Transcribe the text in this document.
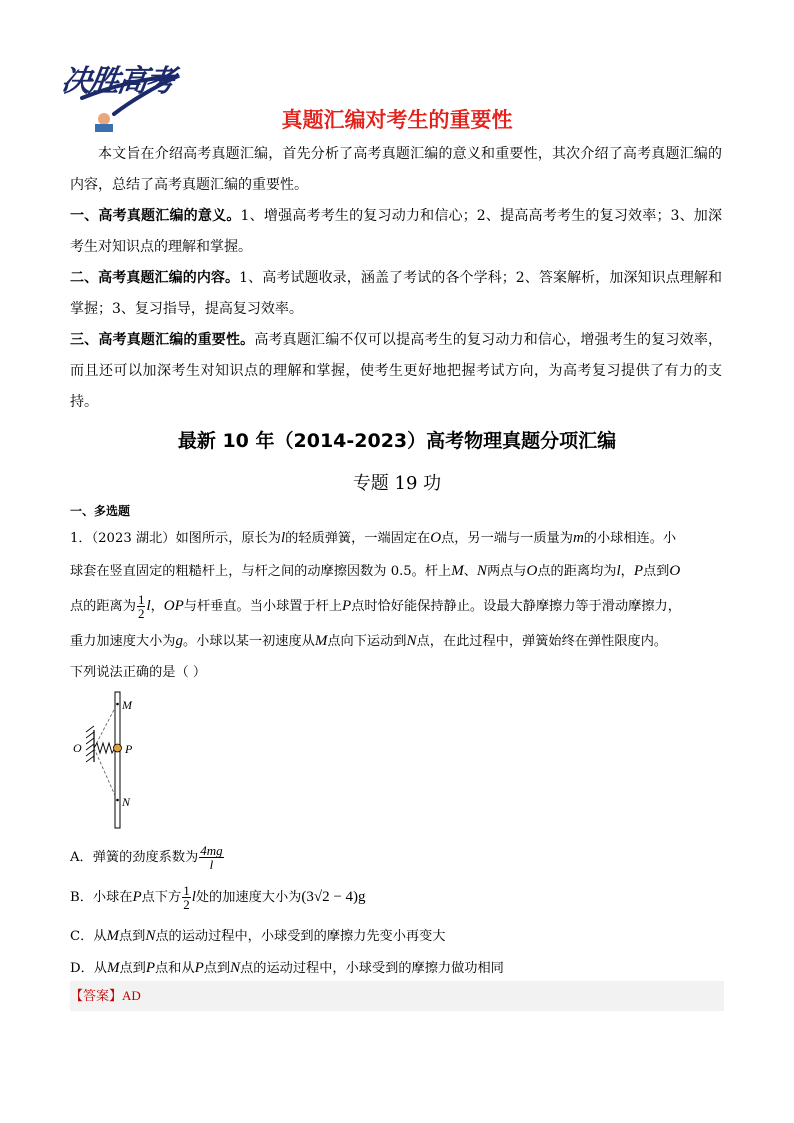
决胜高考
真题汇编对考生的重要性
本文旨在介绍高考真题汇编，首先分析了高考真题汇编的意义和重要性，其次介绍了高考真题汇编的内容，总结了高考真题汇编的重要性。
一、高考真题汇编的意义。1、增强高考考生的复习动力和信心；2、提高高考考生的复习效率；3、加深考生对知识点的理解和掌握。
二、高考真题汇编的内容。1、高考试题收录，涵盖了考试的各个学科；2、答案解析，加深知识点理解和掌握；3、复习指导，提高复习效率。
三、高考真题汇编的重要性。高考真题汇编不仅可以提高考生的复习动力和信心，增强考生的复习效率，而且还可以加深考生对知识点的理解和掌握，使考生更好地把握考试方向，为高考复习提供了有力的支持。
最新 10 年（2014-2023）高考物理真题分项汇编
专题 19 功
一、多选题
1．（2023 湖北）如图所示，原长为l的轻质弹簧，一端固定在O点，另一端与一质量为m的小球相连。小
球套在竖直固定的粗糙杆上，与杆之间的动摩擦因数为 0.5。杆上M、N两点与O点的距离均为l，P点到O
点的距离为 $\frac{1}{2}$ l，OP与杆垂直。当小球置于杆上P点时恰好能保持静止。设最大静摩擦力等于滑动摩擦力，
重力加速度大小为g。小球以某一初速度从M点向下运动到N点，在此过程中，弹簧始终在弹性限度内。
下列说法正确的是（ ）
M
O	P
N
A．弹簧的劲度系数为 $\frac{4mg}{l}$
B．小球在P点下方 $\frac{1}{2}$ l处的加速度大小为(3√2 − 4)g
C．从M点到N点的运动过程中，小球受到的摩擦力先变小再变大
D．从M点到P点和从P点到N点的运动过程中，小球受到的摩擦力做功相同
【答案】AD
